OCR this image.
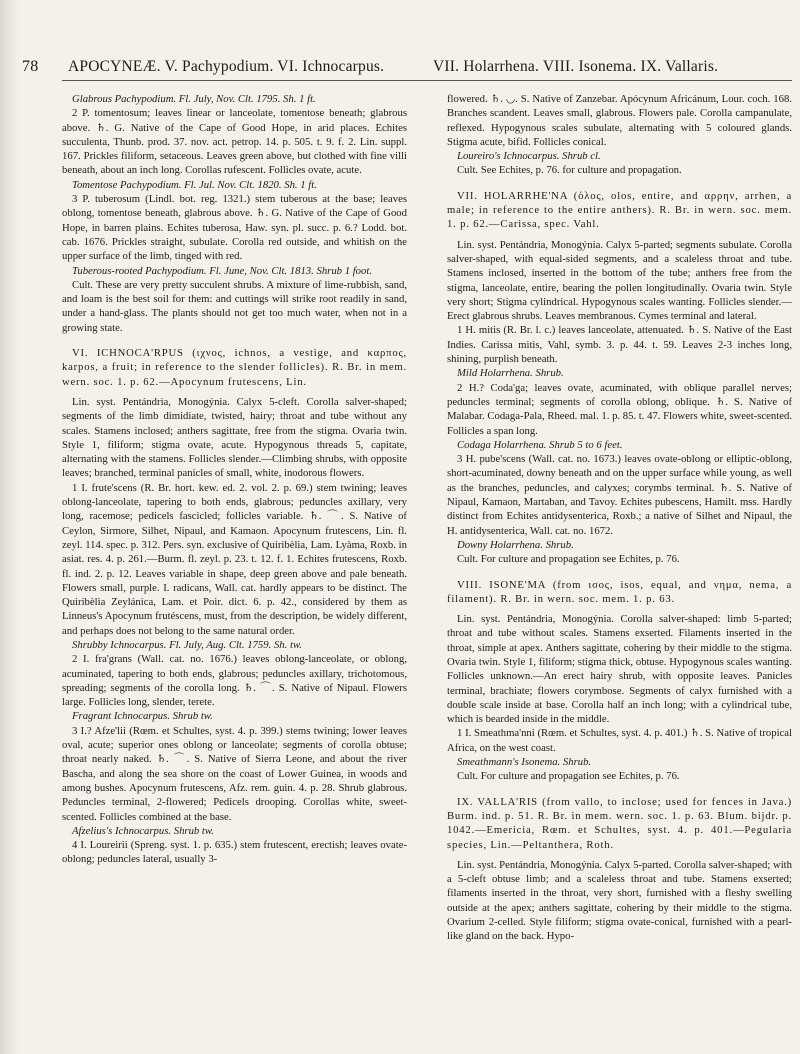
78	APOCYNEÆ. V. Pachypodium. VI. Ichnocarpus.	VII. Holarrhena. VIII. Isonema. IX. Vallaris.

Glabrous Pachypodium. Fl. July, Nov. Clt. 1795. Sh. 1 ft.

2 P. tomentosum; leaves linear or lanceolate, tomentose beneath; glabrous above. ♄. G. Native of the Cape of Good Hope, in arid places. Echites succulenta, Thunb. prod. 37. nov. act. petrop. 14. p. 505. t. 9. f. 2. Lin. suppl. 167. Prickles filiform, setaceous. Leaves green above, but clothed with fine villi beneath, about an inch long. Corollas rufescent. Follicles ovate, acute.

Tomentose Pachypodium. Fl. Jul. Nov. Clt. 1820. Sh. 1 ft.

3 P. tuberosum (Lindl. bot. reg. 1321.) stem tuberous at the base; leaves oblong, tomentose beneath, glabrous above. ♄. G. Native of the Cape of Good Hope, in barren plains. Echites tuberosa, Haw. syn. pl. succ. p. 6.? Lodd. bot. cab. 1676. Prickles straight, subulate. Corolla red outside, and whitish on the upper surface of the limb, tinged with red.

Tuberous-rooted Pachypodium. Fl. June, Nov. Clt. 1813. Shrub 1 foot.

Cult. These are very pretty succulent shrubs. A mixture of lime-rubbish, sand, and loam is the best soil for them: and cuttings will strike root readily in sand, under a hand-glass. The plants should not get too much water, when not in a growing state.

VI. ICHNOCA'RPUS (ιχνος, ichnos, a vestige, and καρπος, karpos, a fruit; in reference to the slender follicles). R. Br. in mem. wern. soc. 1. p. 62.—Apocynum frutescens, Lin.

Lin. syst. Pentándria, Monogýnia. Calyx 5-cleft. Corolla salver-shaped; segments of the limb dimidiate, twisted, hairy; throat and tube without any scales. Stamens inclosed; anthers sagittate, free from the stigma. Ovaria twin. Style 1, filiform; stigma ovate, acute. Hypogynous threads 5, capitate, alternating with the stamens. Follicles slender.—Climbing shrubs, with opposite leaves; branched, terminal panicles of small, white, inodorous flowers.

1 I. frute'scens (R. Br. hort. kew. ed. 2. vol. 2. p. 69.) stem twining; leaves oblong-lanceolate, tapering to both ends, glabrous; peduncles axillary, very long, racemose; pedicels fascicled; follicles variable. ♄. ⌒. S. Native of Ceylon, Sirmore, Silhet, Nipaul, and Kamaon. Apocynum frutescens, Lin. fl. zeyl. 114. spec. p. 312. Pers. syn. exclusive of Quiribèlia, Lam. Lyàma, Roxb. in asiat. res. 4. p. 261.—Burm. fl. zeyl. p. 23. t. 12. f. 1. Echites frutescens, Roxb. fl. ind. 2. p. 12. Leaves variable in shape, deep green above and pale beneath. Flowers small, purple. I. radicans, Wall. cat. hardly appears to be distinct. The Quiribèlia Zeylánica, Lam. et Poir. dict. 6. p. 42., considered by them as Linneus's Apocynum frutéscens, must, from the description, be widely different, and perhaps does not belong to the same natural order.

Shrubby Ichnocarpus. Fl. July, Aug. Clt. 1759. Sh. tw.

2 I. fra'grans (Wall. cat. no. 1676.) leaves oblong-lanceolate, or oblong, acuminated, tapering to both ends, glabrous; peduncles axillary, trichotomous, spreading; segments of the corolla long. ♄. ⌒. S. Native of Nipaul. Flowers large. Follicles long, slender, terete.

Fragrant Ichnocarpus. Shrub tw.

3 I.? Afze'lii (Rœm. et Schultes, syst. 4. p. 399.) stems twining; lower leaves oval, acute; superior ones oblong or lanceolate; segments of corolla obtuse; throat nearly naked. ♄. ⌒. S. Native of Sierra Leone, and about the river Bascha, and along the sea shore on the coast of Lower Guinea, in woods and among bushes. Apocynum frutescens, Afz. rem. guin. 4. p. 28. Shrub glabrous. Peduncles terminal, 2-flowered; Pedicels drooping. Corollas white, sweet-scented. Follicles combined at the base.

Afzelius's Ichnocarpus. Shrub tw.

4 I. Loureirii (Spreng. syst. 1. p. 635.) stem frutescent, erectish; leaves ovate-oblong; peduncles lateral, usually 3-

flowered. ♄. ◡. S. Native of Zanzebar. Apócynum Africánum, Lour. coch. 168. Branches scandent. Leaves small, glabrous. Flowers pale. Corolla campanulate, reflexed. Hypogynous scales subulate, alternating with 5 coloured glands. Stigma acute, bifid. Follicles conical.

Loureiro's Ichnocarpus. Shrub cl.

Cult. See Echites, p. 76. for culture and propagation.

VII. HOLARRHE'NA (ὁλος, olos, entire, and αρρην, arrhen, a male; in reference to the entire anthers). R. Br. in wern. soc. mem. 1. p. 62.—Carissa, spec. Vahl.

Lin. syst. Pentándria, Monogýnia. Calyx 5-parted; segments subulate. Corolla salver-shaped, with equal-sided segments, and a scaleless throat and tube. Stamens inclosed, inserted in the bottom of the tube; anthers free from the stigma, lanceolate, entire, bearing the pollen longitudinally. Ovaria twin. Style very short; Stigma cylindrical. Hypogynous scales wanting. Follicles slender.—Erect glabrous shrubs. Leaves membranous. Cymes terminal and lateral.

1 H. mitis (R. Br. l. c.) leaves lanceolate, attenuated. ♄. S. Native of the East Indies. Carissa mitis, Vahl, symb. 3. p. 44. t. 59. Leaves 2-3 inches long, shining, purplish beneath.

Mild Holarrhena. Shrub.

2 H.? Coda'ga; leaves ovate, acuminated, with oblique parallel nerves; peduncles terminal; segments of corolla oblong, oblique. ♄. S. Native of Malabar. Codaga-Pala, Rheed. mal. 1. p. 85. t. 47. Flowers white, sweet-scented. Follicles a span long.

Codaga Holarrhena. Shrub 5 to 6 feet.

3 H. pube'scens (Wall. cat. no. 1673.) leaves ovate-oblong or elliptic-oblong, short-acuminated, downy beneath and on the upper surface while young, as well as the branches, peduncles, and calyxes; corymbs terminal. ♄. S. Native of Nipaul, Kamaon, Martaban, and Tavoy. Echites pubescens, Hamilt. mss. Hardly distinct from Echites antidysenterica, Roxb.; a native of Silhet and Nipaul, the H. antidysenterica, Wall. cat. no. 1672.

Downy Holarrhena. Shrub.

Cult. For culture and propagation see Echites, p. 76.

VIII. ISONE'MA (from ισος, isos, equal, and νημα, nema, a filament). R. Br. in wern. soc. mem. 1. p. 63.

Lin. syst. Pentándria, Monogýnia. Corolla salver-shaped: limb 5-parted; throat and tube without scales. Stamens exserted. Filaments inserted in the throat, simple at apex. Anthers sagittate, cohering by their middle to the stigma. Ovaria twin. Style 1, filiform; stigma thick, obtuse. Hypogynous scales wanting. Follicles unknown.—An erect hairy shrub, with opposite leaves. Panicles terminal, brachiate; flowers corymbose. Segments of calyx furnished with a double scale inside at base. Corolla half an inch long; with a cylindrical tube, which is bearded inside in the middle.

1 I. Smeathma'nni (Rœm. et Schultes, syst. 4. p. 401.) ♄. S. Native of tropical Africa, on the west coast.

Smeathmann's Isonema. Shrub.

Cult. For culture and propagation see Echites, p. 76.

IX. VALLA'RIS (from vallo, to inclose; used for fences in Java.) Burm. ind. p. 51. R. Br. in mem. wern. soc. 1. p. 63. Blum. bijdr. p. 1042.—Emericia, Rœm. et Schultes, syst. 4. p. 401.—Pegularia species, Lin.—Peltanthera, Roth.

Lin. syst. Pentándria, Monogýnia. Calyx 5-parted. Corolla salver-shaped; with a 5-cleft obtuse limb; and a scaleless throat and tube. Stamens exserted; filaments inserted in the throat, very short, furnished with a fleshy swelling outside at the apex; anthers sagittate, cohering by their middle to the stigma. Ovarium 2-celled. Style filiform; stigma ovate-conical, furnished with a pearl-like gland on the back. Hypo-
